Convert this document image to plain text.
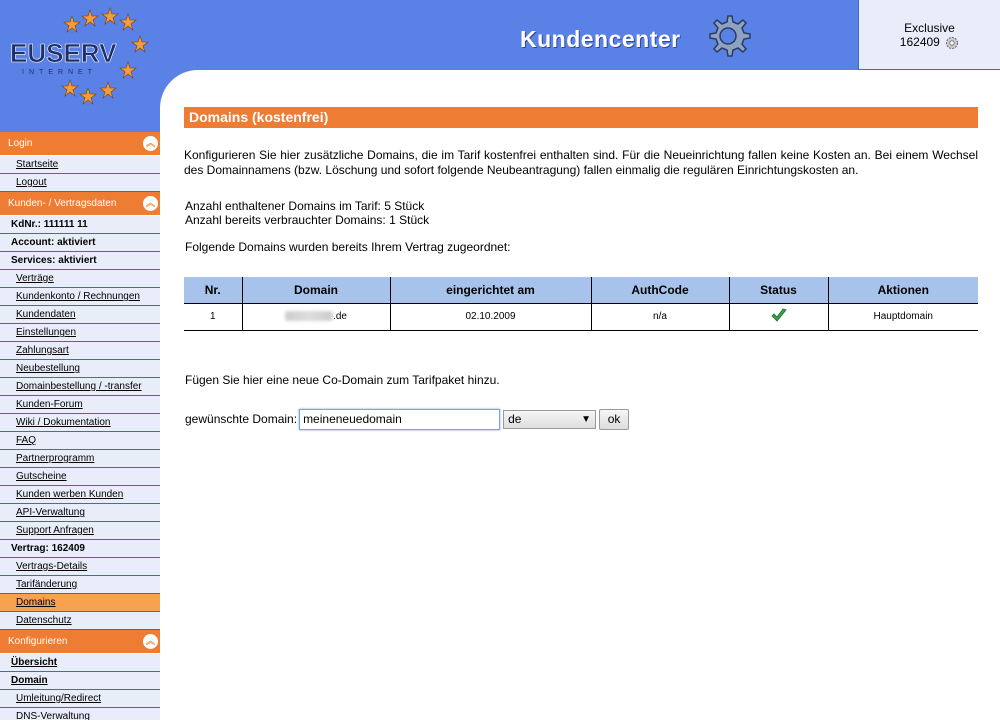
EUSERV
INTERNET
Kundencenter	Exclusive
162409
Login	︽
Startseite
Logout
Kunden- / Vertragsdaten	︽
KdNr.: 111111 11
Account: aktiviert
Services: aktiviert
Verträge
Kundenkonto / Rechnungen
Kundendaten
Einstellungen
Zahlungsart
Neubestellung
Domainbestellung / -transfer
Kunden-Forum
Wiki / Dokumentation
FAQ
Partnerprogramm
Gutscheine
Kunden werben Kunden
API-Verwaltung
Support Anfragen
Vertrag: 162409
Vertrags-Details
Tarifänderung
Domains
Datenschutz
Konfigurieren	︽
Übersicht
Domain
Umleitung/Redirect
DNS-Verwaltung
Domains (kostenfrei)

Konfigurieren Sie hier zusätzliche Domains, die im Tarif kostenfrei enthalten sind. Für die Neueinrichtung fallen keine Kosten an. Bei einem Wechsel des Domainnamens (bzw. Löschung und sofort folgende Neubeantragung) fallen einmalig die regulären Einrichtungskosten an.

Anzahl enthaltener Domains im Tarif: 5 Stück
Anzahl bereits verbrauchter Domains: 1 Stück
Folgende Domains wurden bereits Ihrem Vertrag zugeordnet:
Nr.	Domain	eingerichtet am	AuthCode	Status	Aktionen
1	.de	02.10.2009	n/a		Hauptdomain
Fügen Sie hier eine neue Co-Domain zum Tarifpaket hinzu.
gewünschte Domain:
meineneuedomain	de	▼	ok
